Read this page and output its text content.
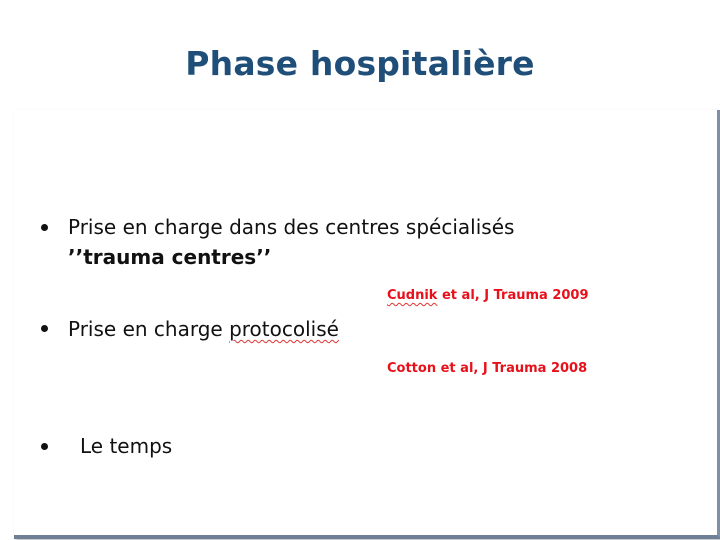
Phase hospitalière
Prise en charge dans des centres spécialisés
’’trauma centres’’
Cudnik et al, J Trauma 2009
Prise en charge protocolisé
Cotton et al, J Trauma 2008
Le temps
